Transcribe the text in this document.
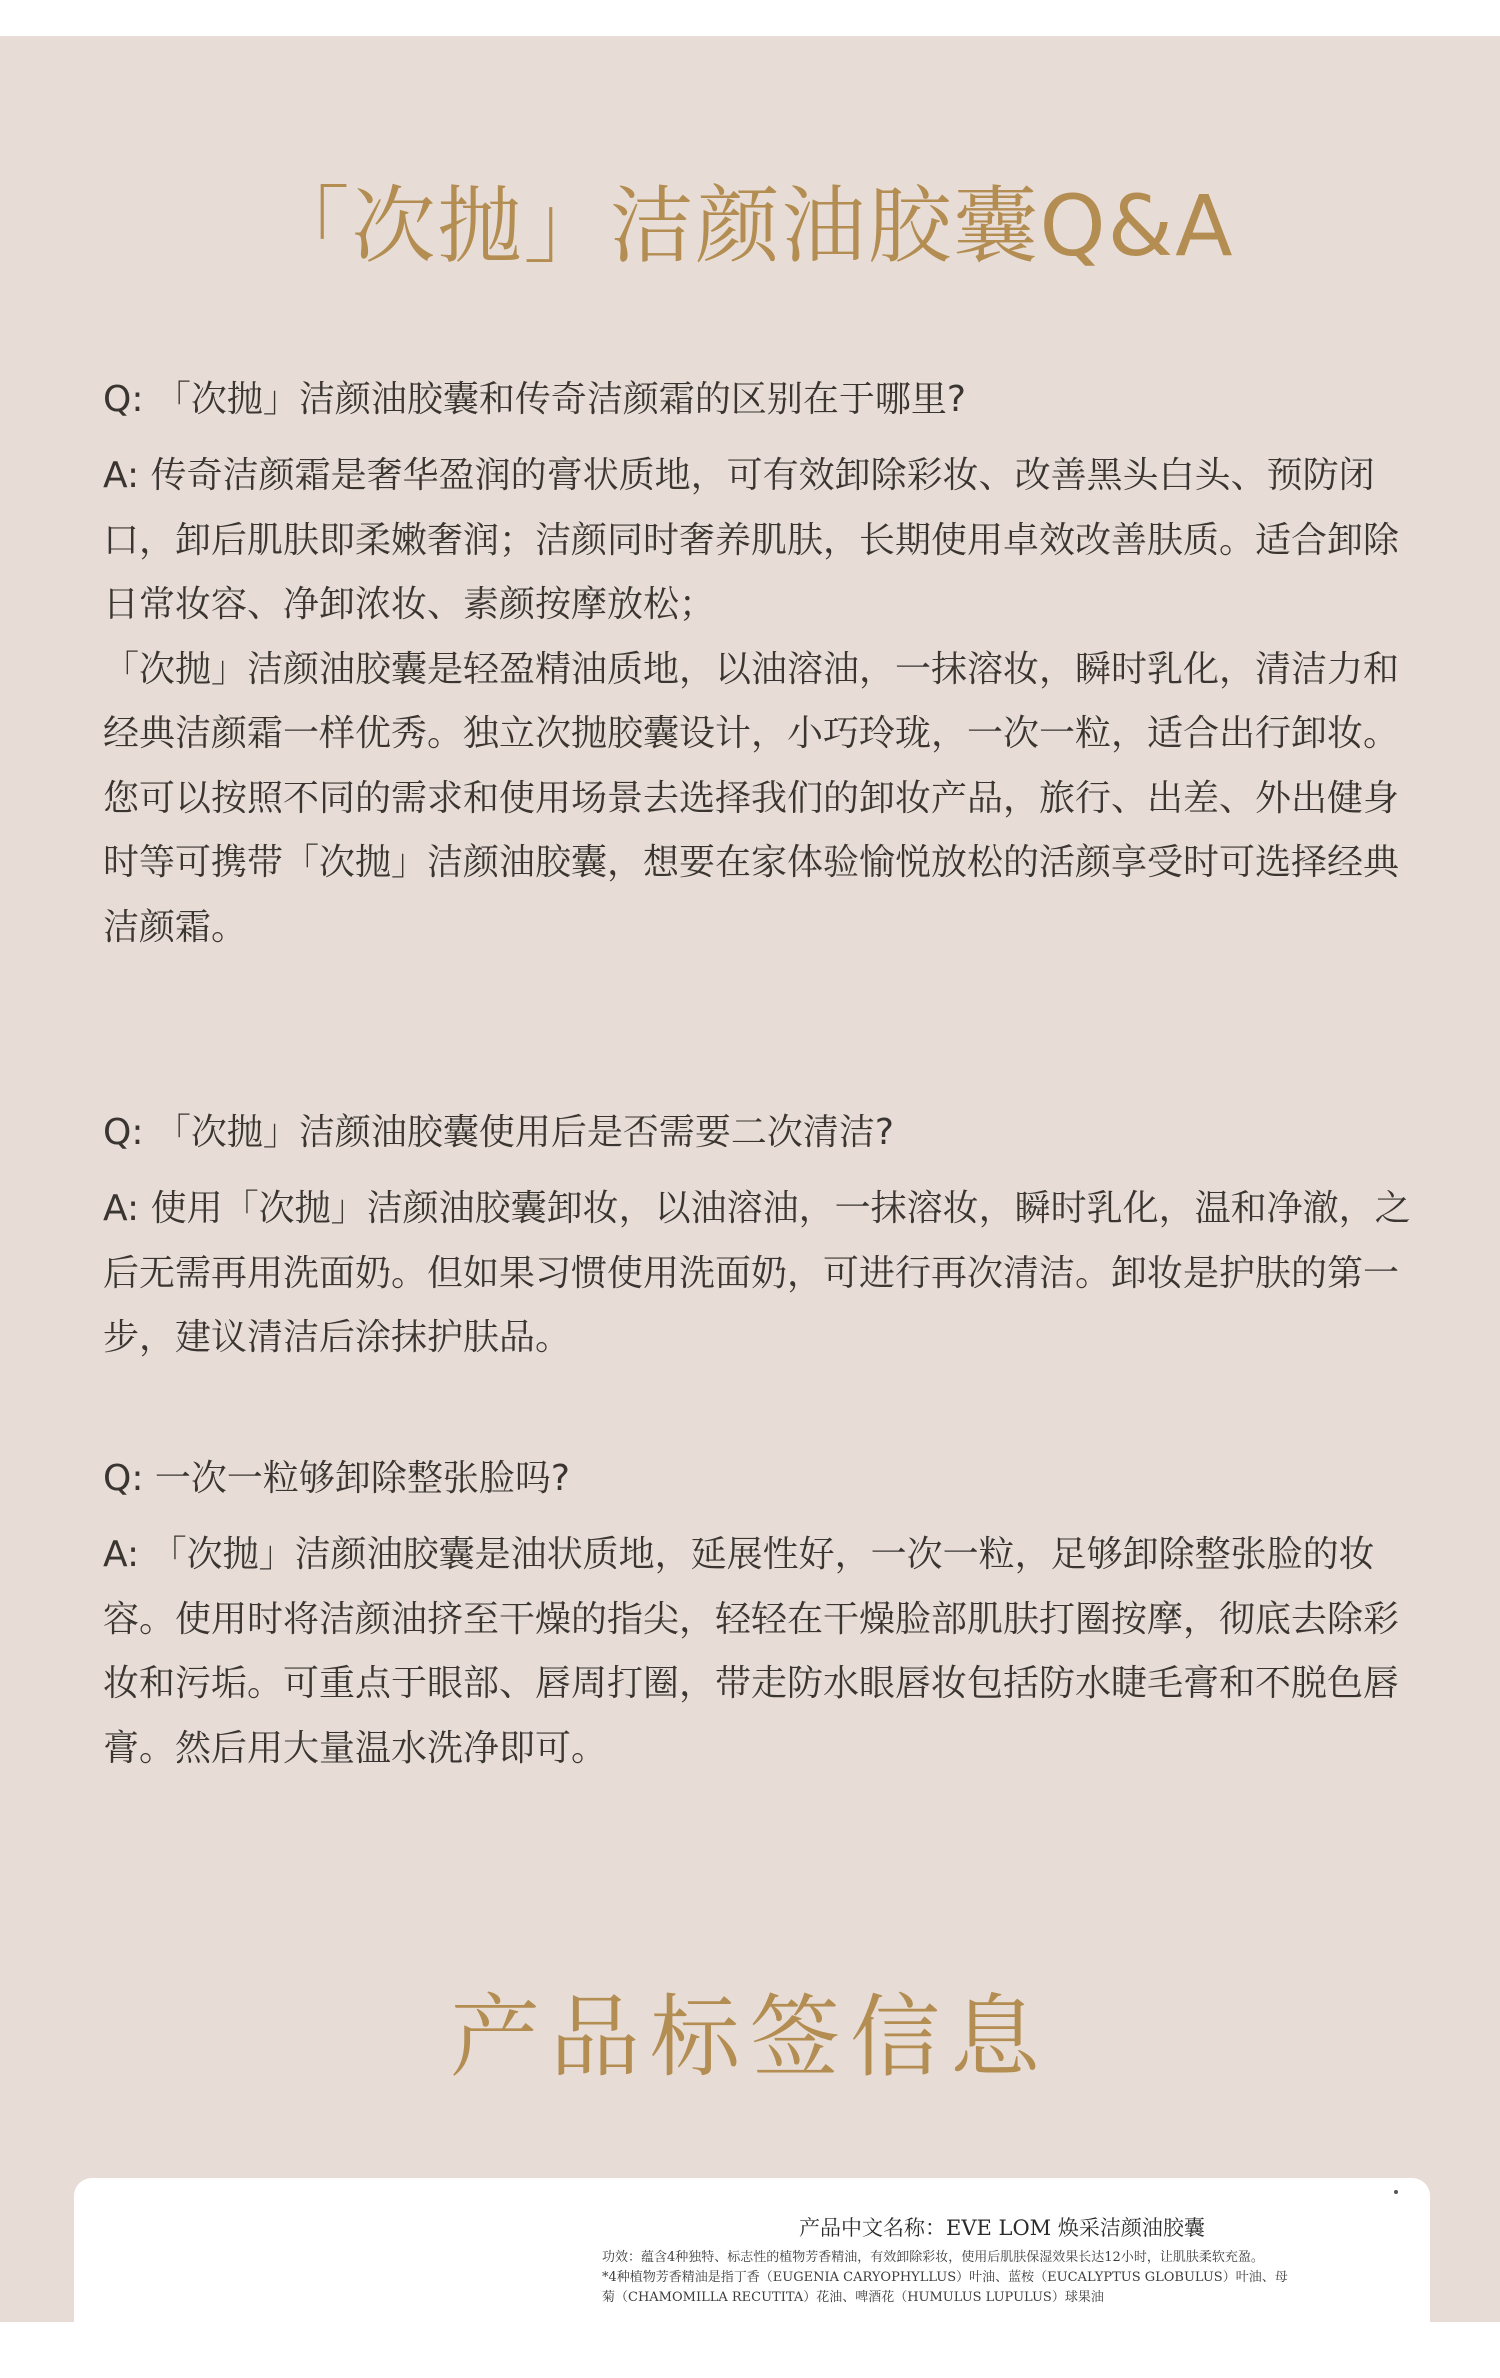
「次抛」洁颜油胶囊Q&A
Q: 「次抛」洁颜油胶囊和传奇洁颜霜的区别在于哪里?

A: 传奇洁颜霜是奢华盈润的膏状质地，可有效卸除彩妆、改善黑头白头、预防闭口，卸后肌肤即柔嫩奢润；洁颜同时奢养肌肤，长期使用卓效改善肤质。适合卸除日常妆容、净卸浓妆、素颜按摩放松；

「次抛」洁颜油胶囊是轻盈精油质地，以油溶油，一抹溶妆，瞬时乳化，清洁力和经典洁颜霜一样优秀。独立次抛胶囊设计，小巧玲珑，一次一粒，适合出行卸妆。

您可以按照不同的需求和使用场景去选择我们的卸妆产品，旅行、出差、外出健身时等可携带「次抛」洁颜油胶囊，想要在家体验愉悦放松的活颜享受时可选择经典洁颜霜。

Q: 「次抛」洁颜油胶囊使用后是否需要二次清洁?

A: 使用「次抛」洁颜油胶囊卸妆，以油溶油，一抹溶妆，瞬时乳化，温和净澈，之后无需再用洗面奶。但如果习惯使用洗面奶，可进行再次清洁。卸妆是护肤的第一步，建议清洁后涂抹护肤品。

Q: 一次一粒够卸除整张脸吗?

A: 「次抛」洁颜油胶囊是油状质地，延展性好，一次一粒，足够卸除整张脸的妆容。使用时将洁颜油挤至干燥的指尖，轻轻在干燥脸部肌肤打圈按摩，彻底去除彩妆和污垢。可重点于眼部、唇周打圈，带走防水眼唇妆包括防水睫毛膏和不脱色唇膏。然后用大量温水洗净即可。

产品标签信息
产品中文名称：EVE LOM 焕采洁颜油胶囊

功效：蕴含4种独特、标志性的植物芳香精油，有效卸除彩妆，使用后肌肤保湿效果长达12小时，让肌肤柔软充盈。

*4种植物芳香精油是指丁香（EUGENIA CARYOPHYLLUS）叶油、蓝桉（EUCALYPTUS GLOBULUS）叶油、母

菊（CHAMOMILLA RECUTITA）花油、啤酒花（HUMULUS LUPULUS）球果油
